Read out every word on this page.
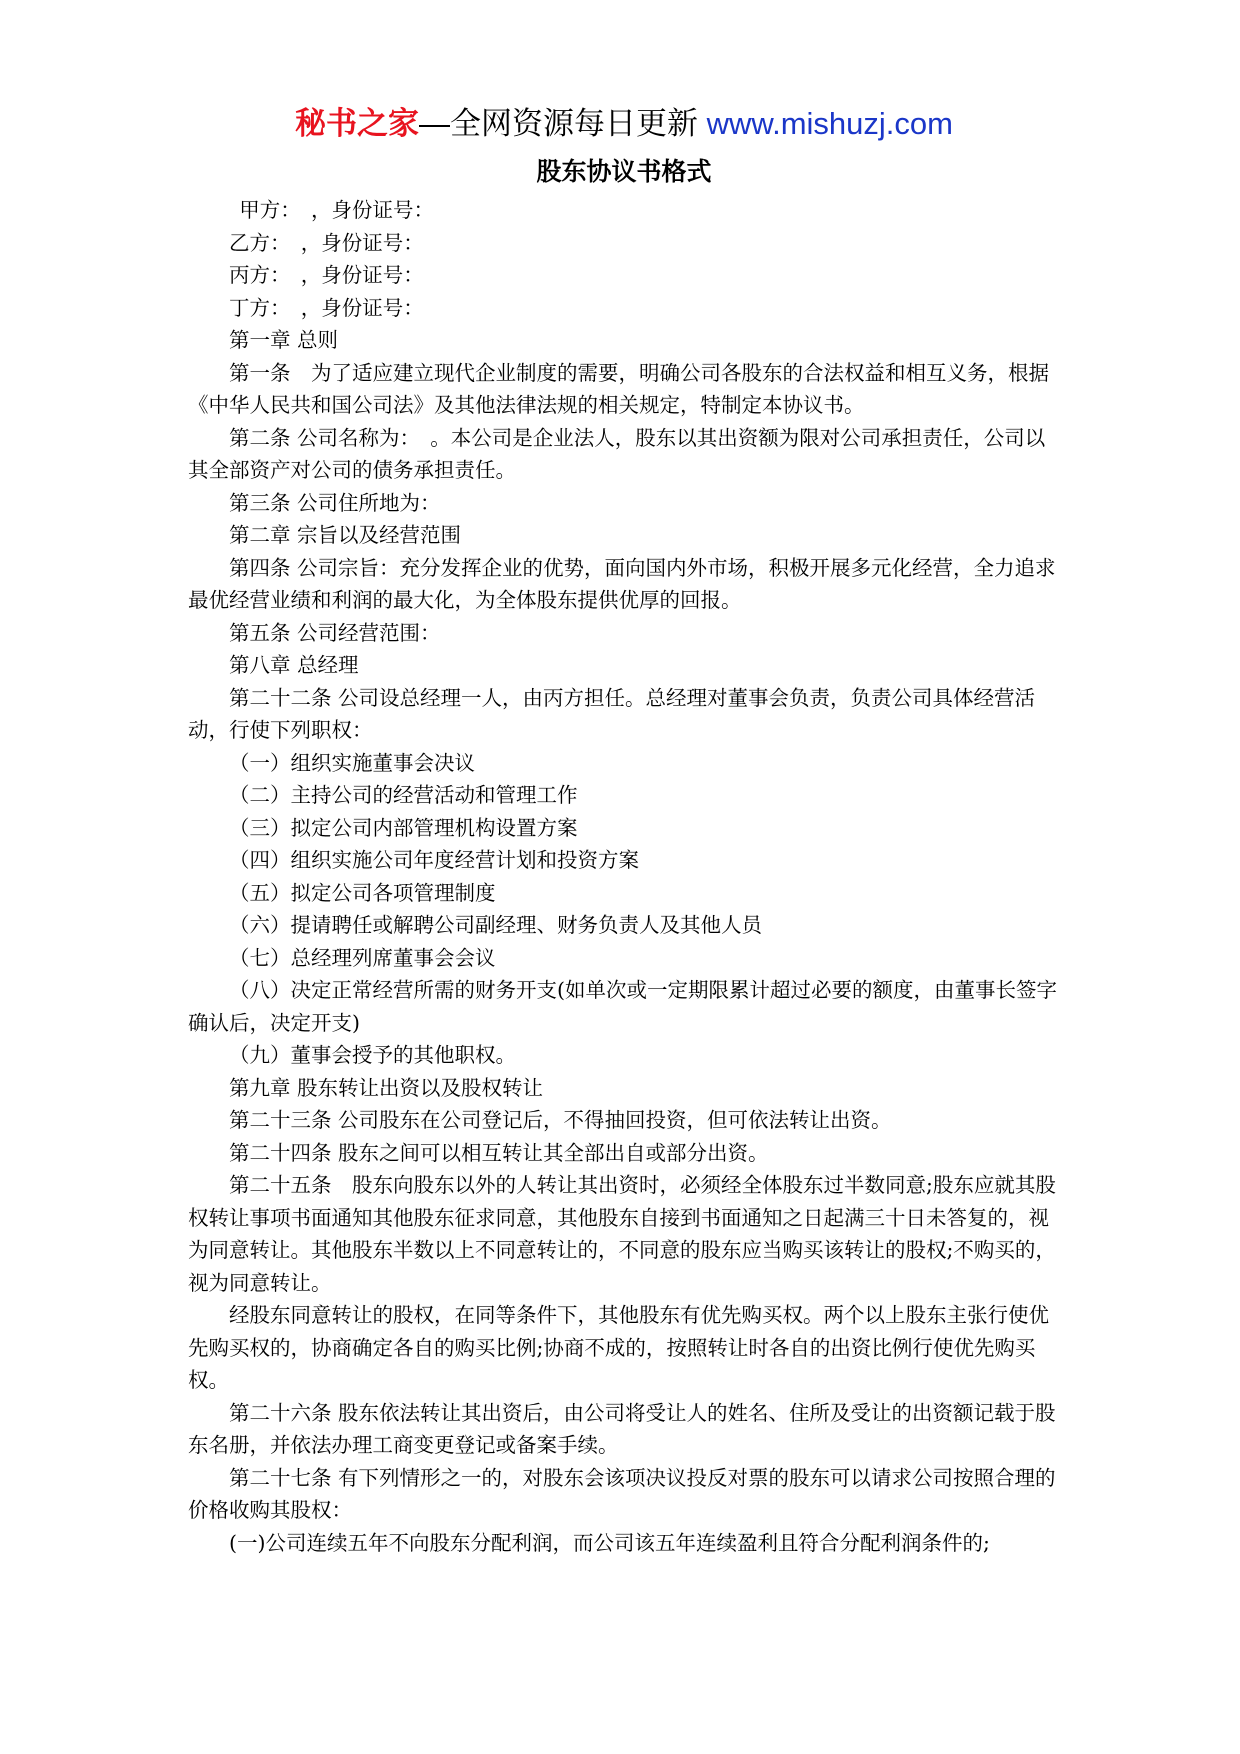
秘书之家—全网资源每日更新 www.mishuzj.com
股东协议书格式

甲方：　，身份证号：

乙方：　，身份证号：

丙方：　，身份证号：

丁方：　，身份证号：

第一章 总则

第一条　为了适应建立现代企业制度的需要，明确公司各股东的合法权益和相互义务，根据《中华人民共和国公司法》及其他法律法规的相关规定，特制定本协议书。

第二条 公司名称为：　。本公司是企业法人，股东以其出资额为限对公司承担责任，公司以其全部资产对公司的债务承担责任。

第三条 公司住所地为：

第二章 宗旨以及经营范围

第四条 公司宗旨：充分发挥企业的优势，面向国内外市场，积极开展多元化经营，全力追求最优经营业绩和利润的最大化，为全体股东提供优厚的回报。

第五条 公司经营范围：

第八章 总经理

第二十二条 公司设总经理一人，由丙方担任。总经理对董事会负责，负责公司具体经营活动，行使下列职权：

（一）组织实施董事会决议

（二）主持公司的经营活动和管理工作

（三）拟定公司内部管理机构设置方案

（四）组织实施公司年度经营计划和投资方案

（五）拟定公司各项管理制度

（六）提请聘任或解聘公司副经理、财务负责人及其他人员

（七）总经理列席董事会会议

（八）决定正常经营所需的财务开支(如单次或一定期限累计超过必要的额度，由董事长签字确认后，决定开支)

（九）董事会授予的其他职权。

第九章 股东转让出资以及股权转让

第二十三条 公司股东在公司登记后，不得抽回投资，但可依法转让出资。

第二十四条 股东之间可以相互转让其全部出自或部分出资。

第二十五条　股东向股东以外的人转让其出资时，必须经全体股东过半数同意;股东应就其股权转让事项书面通知其他股东征求同意，其他股东自接到书面通知之日起满三十日未答复的，视为同意转让。其他股东半数以上不同意转让的，不同意的股东应当购买该转让的股权;不购买的，视为同意转让。

经股东同意转让的股权，在同等条件下，其他股东有优先购买权。两个以上股东主张行使优先购买权的，协商确定各自的购买比例;协商不成的，按照转让时各自的出资比例行使优先购买权。

第二十六条 股东依法转让其出资后，由公司将受让人的姓名、住所及受让的出资额记载于股东名册，并依法办理工商变更登记或备案手续。

第二十七条 有下列情形之一的，对股东会该项决议投反对票的股东可以请求公司按照合理的价格收购其股权：

(一)公司连续五年不向股东分配利润，而公司该五年连续盈利且符合分配利润条件的;
